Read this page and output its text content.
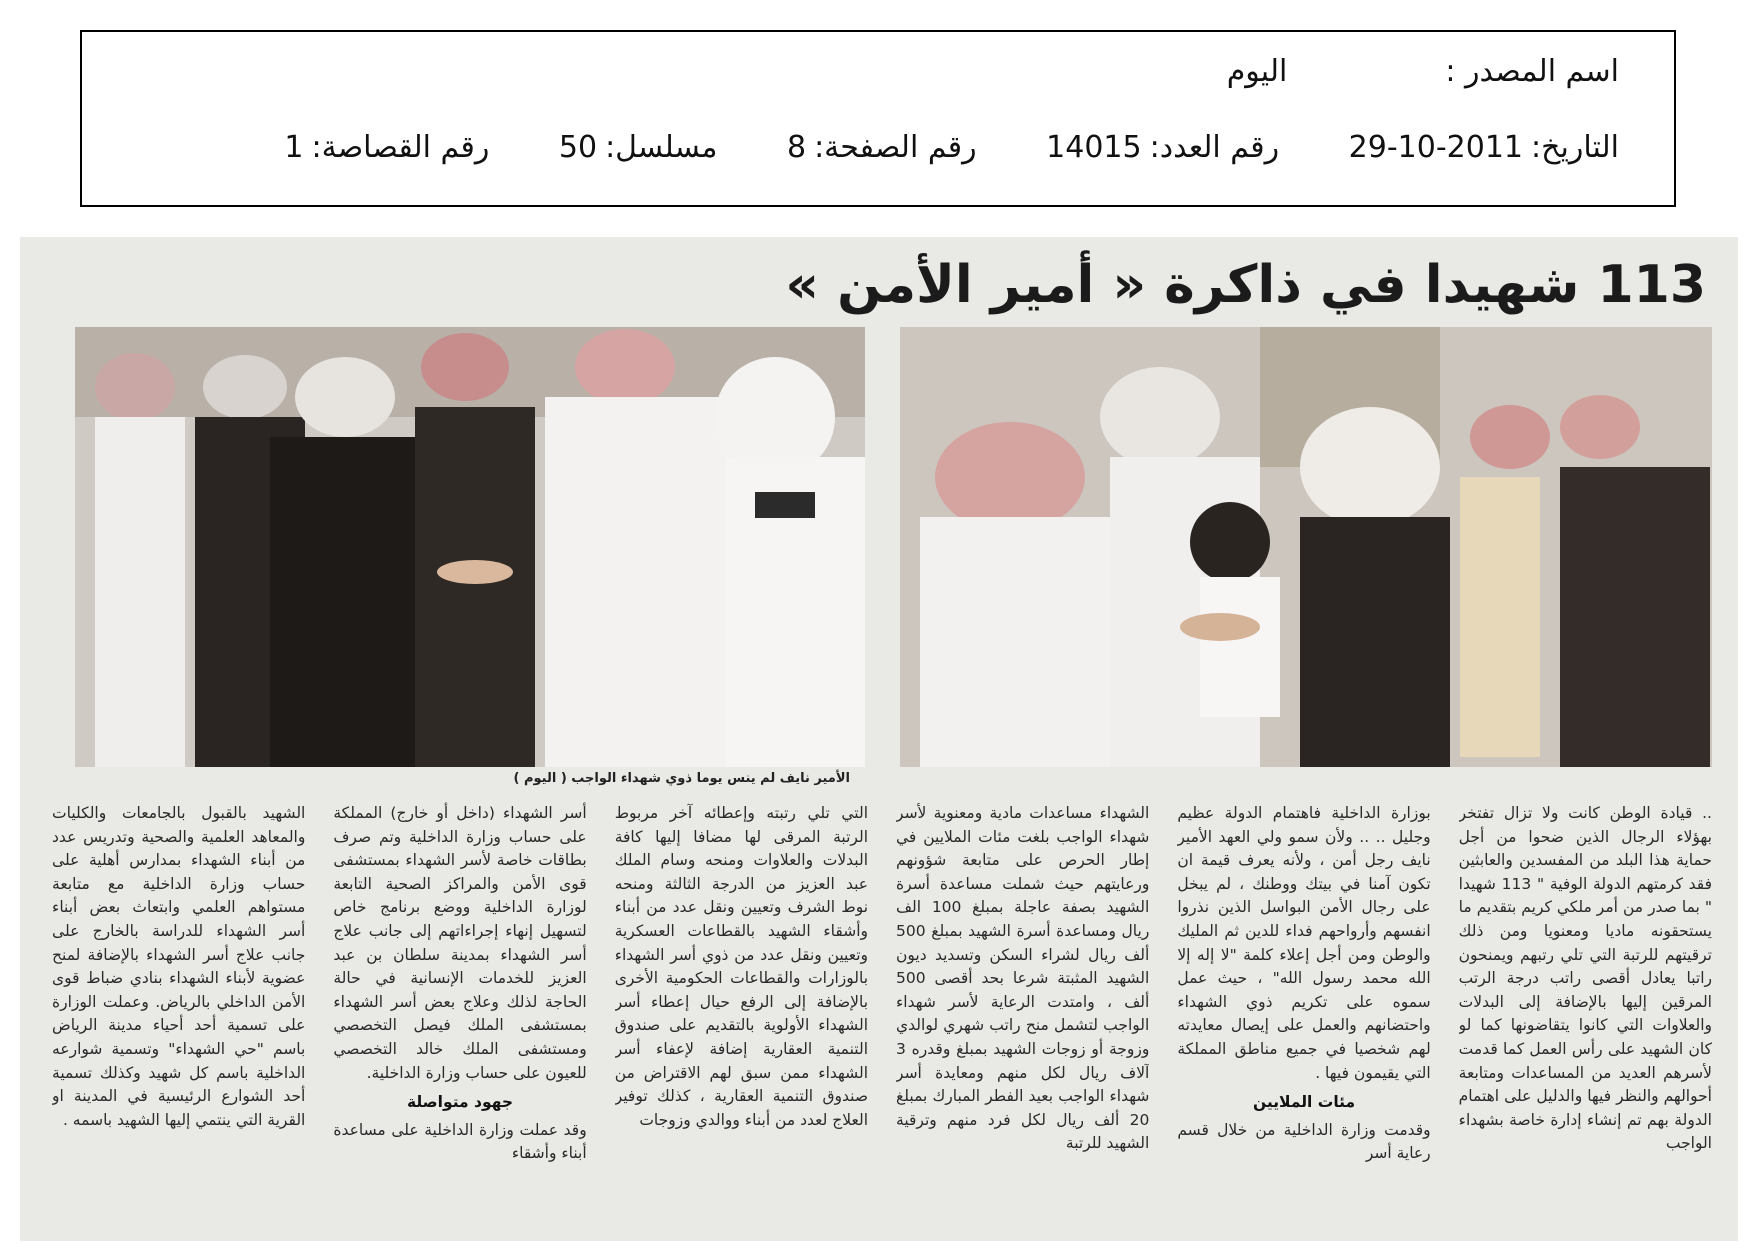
اسم المصدر :اليوم
التاريخ:29-10-2011 رقم العدد:14015 رقم الصفحة:8 مسلسل:50 رقم القصاصة:1
113 شهيدا في ذاكرة « أمير الأمن »
الأمير نايف لم ينس يوما ذوي شهداء الواجب ( اليوم )
.. قيادة الوطن كانت ولا تزال تفتخر بهؤلاء الرجال الذين ضحوا من أجل حماية هذا البلد من المفسدين والعابثين فقد كرمتهم الدولة الوفية " 113 شهيدا " بما صدر من أمر ملكي كريم بتقديم ما يستحقونه ماديا ومعنويا ومن ذلك ترقيتهم للرتبة التي تلي رتبهم ويمنحون راتبا يعادل أقصى راتب درجة الرتب المرقين إليها بالإضافة إلى البدلات والعلاوات التي كانوا يتقاضونها كما لو كان الشهيد على رأس العمل كما قدمت لأسرهم العديد من المساعدات ومتابعة أحوالهم والنظر فيها والدليل على اهتمام الدولة بهم تم إنشاء إدارة خاصة بشهداء الواجب
بوزارة الداخلية فاهتمام الدولة عظيم وجليل .. .. ولأن سمو ولي العهد الأمير نايف رجل أمن ، ولأنه يعرف قيمة ان تكون آمنا في بيتك ووطنك ، لم يبخل على رجال الأمن البواسل الذين نذروا انفسهم وأرواحهم فداء للدين ثم المليك والوطن ومن أجل إعلاء كلمة "لا إله إلا الله محمد رسول الله" ، حيث عمل سموه على تكريم ذوي الشهداء واحتضانهم والعمل على إيصال معايدته لهم شخصيا في جميع مناطق المملكة التي يقيمون فيها .
مئات الملايين
وقدمت وزارة الداخلية من خلال قسم رعاية أسر
الشهداء مساعدات مادية ومعنوية لأسر شهداء الواجب بلغت مئات الملايين في إطار الحرص على متابعة شؤونهم ورعايتهم حيث شملت مساعدة أسرة الشهيد بصفة عاجلة بمبلغ 100 الف ريال ومساعدة أسرة الشهيد بمبلغ 500 ألف ريال لشراء السكن وتسديد ديون الشهيد المثبتة شرعا بحد أقصى 500 ألف ، وامتدت الرعاية لأسر شهداء الواجب لتشمل منح راتب شهري لوالدي وزوجة أو زوجات الشهيد بمبلغ وقدره 3 آلاف ريال لكل منهم ومعايدة أسر شهداء الواجب بعيد الفطر المبارك بمبلغ 20 ألف ريال لكل فرد منهم وترقية الشهيد للرتبة
التي تلي رتبته وإعطائه آخر مربوط الرتبة المرقى لها مضافا إليها كافة البدلات والعلاوات ومنحه وسام الملك عبد العزيز من الدرجة الثالثة ومنحه نوط الشرف وتعيين ونقل عدد من أبناء وأشقاء الشهيد بالقطاعات العسكرية وتعيين ونقل عدد من ذوي أسر الشهداء بالوزارات والقطاعات الحكومية الأخرى بالإضافة إلى الرفع حيال إعطاء أسر الشهداء الأولوية بالتقديم على صندوق التنمية العقارية إضافة لإعفاء أسر الشهداء ممن سبق لهم الاقتراض من صندوق التنمية العقارية ، كذلك توفير العلاج لعدد من أبناء ووالدي وزوجات
أسر الشهداء (داخل أو خارج) المملكة على حساب وزارة الداخلية وتم صرف بطاقات خاصة لأسر الشهداء بمستشفى قوى الأمن والمراكز الصحية التابعة لوزارة الداخلية ووضع برنامج خاص لتسهيل إنهاء إجراءاتهم إلى جانب علاج أسر الشهداء بمدينة سلطان بن عبد العزيز للخدمات الإنسانية في حالة الحاجة لذلك وعلاج بعض أسر الشهداء بمستشفى الملك فيصل التخصصي ومستشفى الملك خالد التخصصي للعيون على حساب وزارة الداخلية.
جهود متواصلة
وقد عملت وزارة الداخلية على مساعدة أبناء وأشقاء
الشهيد بالقبول بالجامعات والكليات والمعاهد العلمية والصحية وتدريس عدد من أبناء الشهداء بمدارس أهلية على حساب وزارة الداخلية مع متابعة مستواهم العلمي وابتعاث بعض أبناء أسر الشهداء للدراسة بالخارج على جانب علاج أسر الشهداء بالإضافة لمنح عضوية لأبناء الشهداء بنادي ضباط قوى الأمن الداخلي بالرياض. وعملت الوزارة على تسمية أحد أحياء مدينة الرياض باسم "حي الشهداء" وتسمية شوارعه الداخلية باسم كل شهيد وكذلك تسمية أحد الشوارع الرئيسية في المدينة او القرية التي ينتمي إليها الشهيد باسمه .
